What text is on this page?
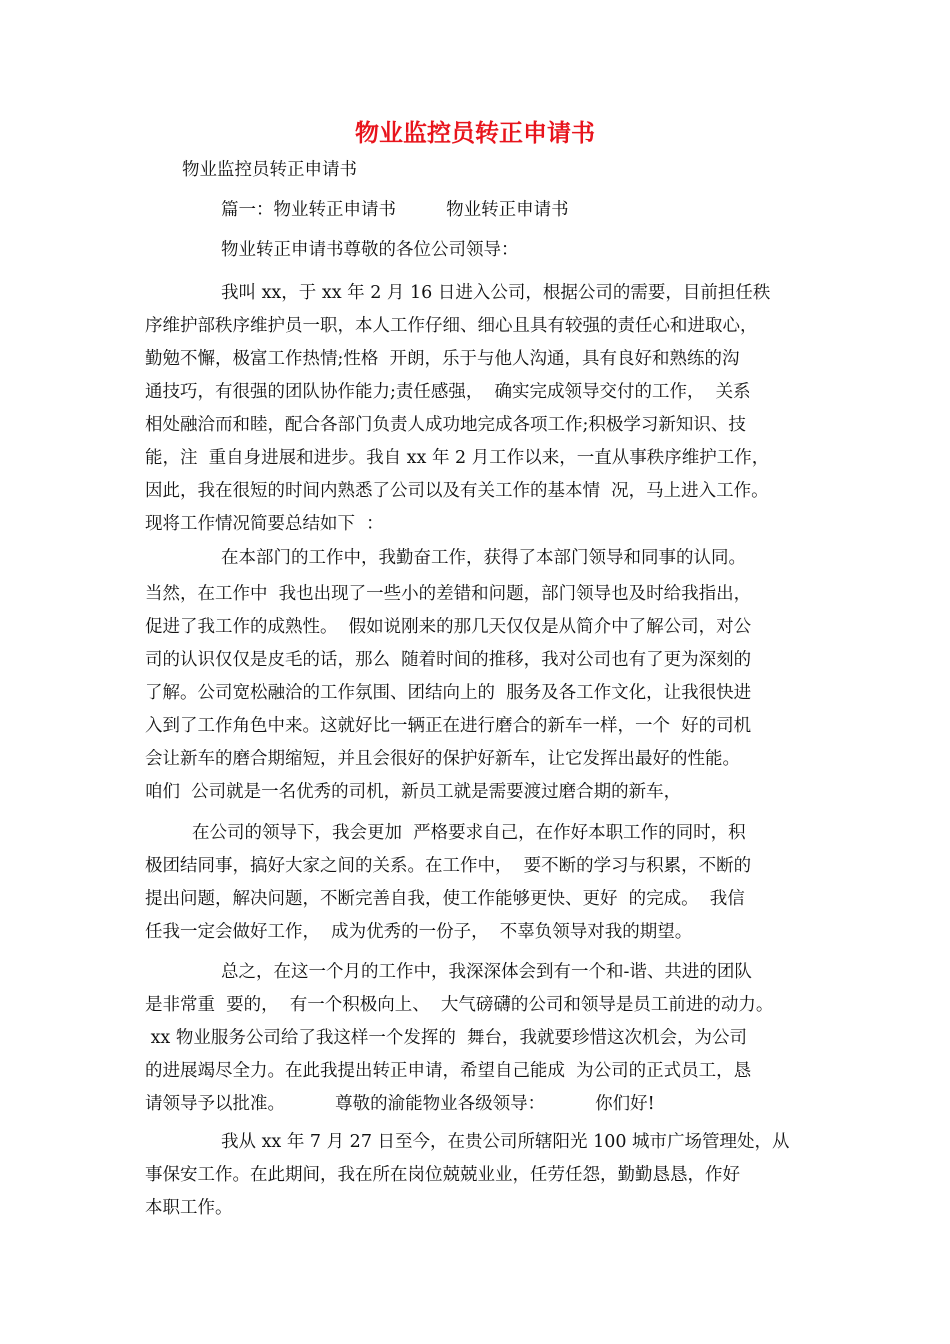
物业监控员转正申请书

物业监控员转正申请书

篇一：物业转正申请书         物业转正申请书

物业转正申请书尊敬的各位公司领导：

我叫 xx，于 xx 年 2 月 16 日进入公司，根据公司的需要，目前担任秩

序维护部秩序维护员一职，本人工作仔细、细心且具有较强的责任心和进取心，

勤勉不懈，极富工作热情;性格  开朗，乐于与他人沟通，具有良好和熟练的沟

通技巧，有很强的团队协作能力;责任感强，  确实完成领导交付的工作，  关系

相处融洽而和睦，配合各部门负责人成功地完成各项工作;积极学习新知识、技

能，注  重自身进展和进步。我自 xx 年 2 月工作以来，一直从事秩序维护工作，

因此，我在很短的时间内熟悉了公司以及有关工作的基本情  况，马上进入工作。

现将工作情况简要总结如下  ：

在本部门的工作中，我勤奋工作，获得了本部门领导和同事的认同。

当然，在工作中  我也出现了一些小的差错和问题，部门领导也及时给我指出，

促进了我工作的成熟性。  假如说刚来的那几天仅仅是从简介中了解公司，对公

司的认识仅仅是皮毛的话，那么  随着时间的推移，我对公司也有了更为深刻的

了解。公司宽松融洽的工作氛围、团结向上的  服务及各工作文化，让我很快进

入到了工作角色中来。这就好比一辆正在进行磨合的新车一样，一个  好的司机

会让新车的磨合期缩短，并且会很好的保护好新车，让它发挥出最好的性能。

咱们  公司就是一名优秀的司机，新员工就是需要渡过磨合期的新车，

在公司的领导下，我会更加  严格要求自己，在作好本职工作的同时，积

极团结同事，搞好大家之间的关系。在工作中，  要不断的学习与积累，不断的

提出问题，解决问题，不断完善自我，使工作能够更快、更好  的完成。  我信

任我一定会做好工作，  成为优秀的一份子，  不辜负领导对我的期望。

总之，在这一个月的工作中，我深深体会到有一个和-谐、共进的团队

是非常重  要的，  有一个积极向上、  大气磅礴的公司和领导是员工前进的动力。

xx 物业服务公司给了我这样一个发挥的  舞台，我就要珍惜这次机会，为公司

的进展竭尽全力。在此我提出转正申请，希望自己能成  为公司的正式员工，恳

请领导予以批准。         尊敬的渝能物业各级领导：         你们好!

我从 xx 年 7 月 27 日至今，在贵公司所辖阳光 100 城市广场管理处，从

事保安工作。在此期间，我在所在岗位兢兢业业，任劳任怨，勤勤恳恳，作好

本职工作。
